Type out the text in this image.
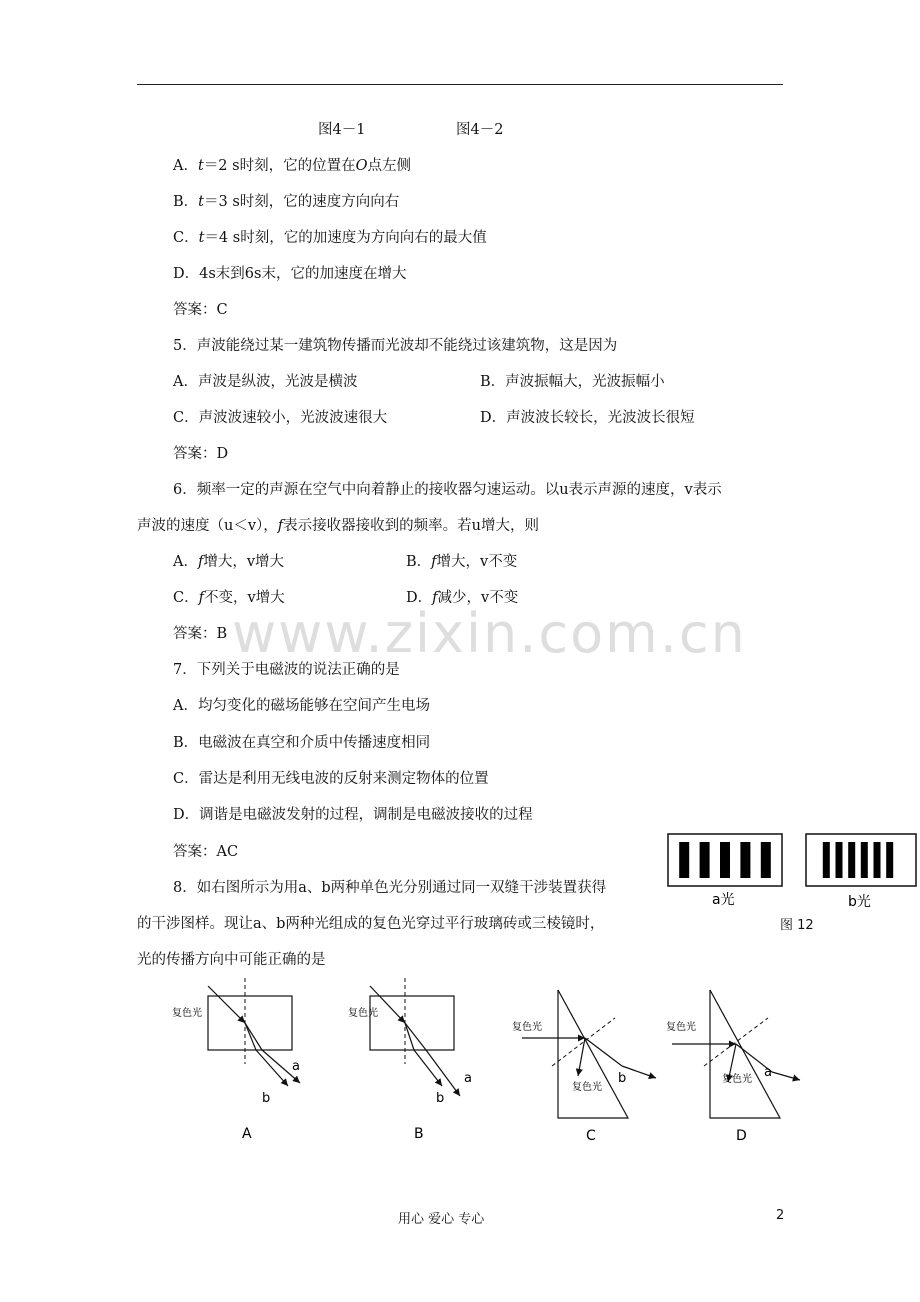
图4－1	图4－2
A．t＝2 s时刻，它的位置在O点左侧
B．t＝3 s时刻，它的速度方向向右
C．t＝4 s时刻，它的加速度为方向向右的最大值
D．4s末到6s末，它的加速度在增大
答案：C
5．声波能绕过某一建筑物传播而光波却不能绕过该建筑物，这是因为
A．声波是纵波，光波是横波	B．声波振幅大，光波振幅小
C．声波波速较小，光波波速很大	D．声波波长较长，光波波长很短
答案：D
6．频率一定的声源在空气中向着静止的接收器匀速运动。以u表示声源的速度，v表示
声波的速度（u＜v），f表示接收器接收到的频率。若u增大，则
A．f增大，v增大	B．f增大，v不变
C．f不变，v增大	D．f减少，v不变
答案：B
7．下列关于电磁波的说法正确的是
A．均匀变化的磁场能够在空间产生电场
B．电磁波在真空和介质中传播速度相同
C．雷达是利用无线电波的反射来测定物体的位置
D．调谐是电磁波发射的过程，调制是电磁波接收的过程
答案：AC
8．如右图所示为用a、b两种单色光分别通过同一双缝干涉装置获得
的干涉图样。现让a、b两种光组成的复色光穿过平行玻璃砖或三棱镜时，
光的传播方向中可能正确的是
a光	b光
图 12
复色光
a
b
A
复色光
a
b
B
复色光
复色光
b
C
复色光
复色光 a
D
www.zixin.com.cn
用心 爱心 专心	2
